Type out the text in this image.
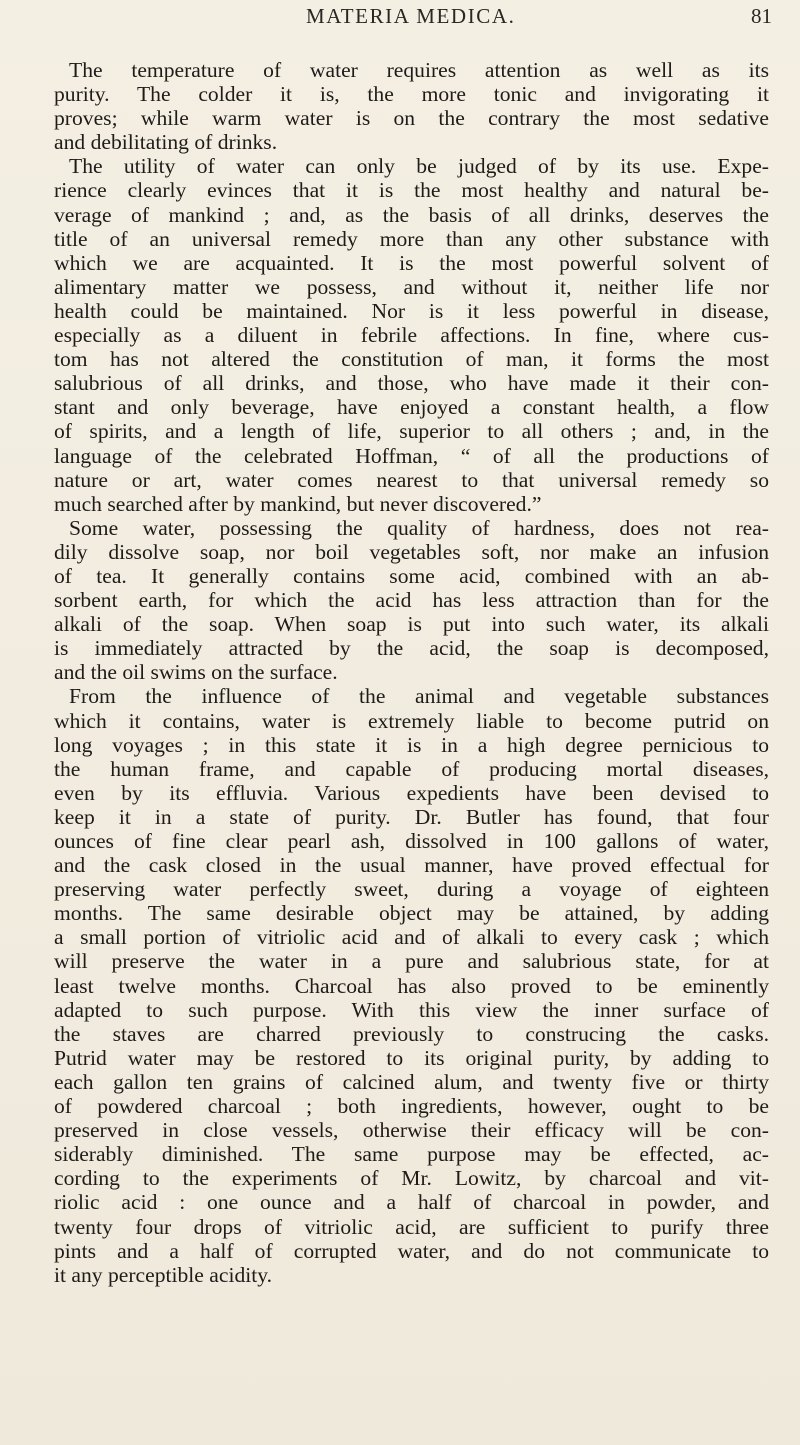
MATERIA MEDICA.	81

The temperature of water requires attention as well as its
purity. The colder it is, the more tonic and invigorating it
proves; while warm water is on the contrary the most sedative
and debilitating of drinks.

The utility of water can only be judged of by its use. Expe-
rience clearly evinces that it is the most healthy and natural be-
verage of mankind ; and, as the basis of all drinks, deserves the
title of an universal remedy more than any other substance with
which we are acquainted. It is the most powerful solvent of
alimentary matter we possess, and without it, neither life nor
health could be maintained. Nor is it less powerful in disease,
especially as a diluent in febrile affections. In fine, where cus-
tom has not altered the constitution of man, it forms the most
salubrious of all drinks, and those, who have made it their con-
stant and only beverage, have enjoyed a constant health, a flow
of spirits, and a length of life, superior to all others ; and, in the
language of the celebrated Hoffman, “ of all the productions of
nature or art, water comes nearest to that universal remedy so
much searched after by mankind, but never discovered.”

Some water, possessing the quality of hardness, does not rea-
dily dissolve soap, nor boil vegetables soft, nor make an infusion
of tea. It generally contains some acid, combined with an ab-
sorbent earth, for which the acid has less attraction than for the
alkali of the soap. When soap is put into such water, its alkali
is immediately attracted by the acid, the soap is decomposed,
and the oil swims on the surface.

From the influence of the animal and vegetable substances
which it contains, water is extremely liable to become putrid on
long voyages ; in this state it is in a high degree pernicious to
the human frame, and capable of producing mortal diseases,
even by its effluvia. Various expedients have been devised to
keep it in a state of purity. Dr. Butler has found, that four
ounces of fine clear pearl ash, dissolved in 100 gallons of water,
and the cask closed in the usual manner, have proved effectual for
preserving water perfectly sweet, during a voyage of eighteen
months. The same desirable object may be attained, by adding
a small portion of vitriolic acid and of alkali to every cask ; which
will preserve the water in a pure and salubrious state, for at
least twelve months. Charcoal has also proved to be eminently
adapted to such purpose. With this view the inner surface of
the staves are charred previously to construcing the casks.
Putrid water may be restored to its original purity, by adding to
each gallon ten grains of calcined alum, and twenty five or thirty
of powdered charcoal ; both ingredients, however, ought to be
preserved in close vessels, otherwise their efficacy will be con-
siderably diminished. The same purpose may be effected, ac-
cording to the experiments of Mr. Lowitz, by charcoal and vit-
riolic acid : one ounce and a half of charcoal in powder, and
twenty four drops of vitriolic acid, are sufficient to purify three
pints and a half of corrupted water, and do not communicate to
it any perceptible acidity.
